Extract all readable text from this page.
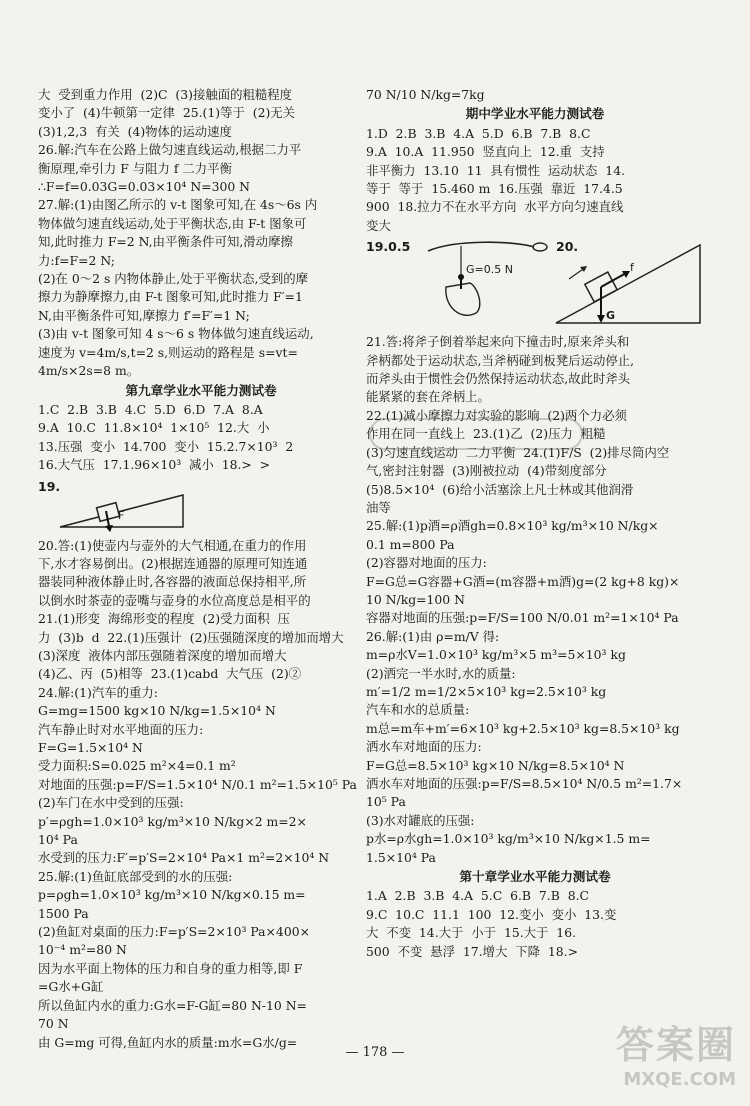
大  受到重力作用  (2)C  (3)接触面的粗糙程度

变小了  (4)牛顿第一定律  25.(1)等于  (2)无关

(3)1,2,3  有关  (4)物体的运动速度

26.解:汽车在公路上做匀速直线运动,根据二力平

衡原理,牵引力 F 与阻力 f 二力平衡

∴F=f=0.03G=0.03×10⁴ N=300 N

27.解:(1)由图乙所示的 v-t 图象可知,在 4s～6s 内

物体做匀速直线运动,处于平衡状态,由 F-t 图象可

知,此时推力 F=2 N,由平衡条件可知,滑动摩擦

力:f=F=2 N;

(2)在 0～2 s 内物体静止,处于平衡状态,受到的摩

擦力为静摩擦力,由 F-t 图象可知,此时推力 F′=1

N,由平衡条件可知,摩擦力 f′=F′=1 N;

(3)由 v-t 图象可知 4 s～6 s 物体做匀速直线运动,

速度为 v=4m/s,t=2 s,则运动的路程是 s=vt=

4m/s×2s=8 m。

第九章学业水平能力测试卷

1.C  2.B  3.B  4.C  5.D  6.D  7.A  8.A

9.A  10.C  11.8×10⁴  1×10⁵  12.大  小

13.压强  变小  14.700  变小  15.2.7×10³  2

16.大气压  17.1.96×10³  减小  18.>  >

19.
F

20.答:(1)使壶内与壶外的大气相通,在重力的作用

下,水才容易倒出。(2)根据连通器的原理可知连通

器装同种液体静止时,各容器的液面总保持相平,所

以倒水时茶壶的壶嘴与壶身的水位高度总是相平的

21.(1)形变  海绵形变的程度  (2)受力面积  压

力  (3)b  d  22.(1)压强计  (2)压强随深度的增加而增大

(3)深度  液体内部压强随着深度的增加而增大

(4)乙、丙  (5)相等  23.(1)cabd  大气压  (2)②

24.解:(1)汽车的重力:

G=mg=1500 kg×10 N/kg=1.5×10⁴ N

汽车静止时对水平地面的压力:

F=G=1.5×10⁴ N

受力面积:S=0.025 m²×4=0.1 m²

对地面的压强:p=F/S=1.5×10⁴ N/0.1 m²=1.5×10⁵ Pa

(2)车门在水中受到的压强:

p′=ρgh=1.0×10³ kg/m³×10 N/kg×2 m=2×

10⁴ Pa

水受到的压力:F′=p′S=2×10⁴ Pa×1 m²=2×10⁴ N

25.解:(1)鱼缸底部受到的水的压强:

p=ρgh=1.0×10³ kg/m³×10 N/kg×0.15 m=

1500 Pa

(2)鱼缸对桌面的压力:F=p′S=2×10³ Pa×400×

10⁻⁴ m²=80 N

因为水平面上物体的压力和自身的重力相等,即 F

=G水+G缸

所以鱼缸内水的重力:G水=F-G缸=80 N-10 N=

70 N

由 G=mg 可得,鱼缸内水的质量:m水=G水/g=

70 N/10 N/kg=7kg

期中学业水平能力测试卷

1.D  2.B  3.B  4.A  5.D  6.B  7.B  8.C

9.A  10.A  11.950  竖直向上  12.重  支持

非平衡力  13.10  11  具有惯性  运动状态  14.

等于  等于  15.460 m  16.压强  靠近  17.4.5

900  18.拉力不在水平方向  水平方向匀速直线

变大

19.0.5
G=0.5 N
20.
f
G

21.答:将斧子倒着举起来向下撞击时,原来斧头和

斧柄都处于运动状态,当斧柄碰到板凳后运动停止,

而斧头由于惯性会仍然保持运动状态,故此时斧头

能紧紧的套在斧柄上。

22.(1)减小摩擦力对实验的影响  (2)两个力必须

作用在同一直线上  23.(1)乙  (2)压力  粗糙

(3)匀速直线运动  二力平衡  24.(1)F/S  (2)排尽筒内空

气,密封注射器  (3)刚被拉动  (4)带刻度部分

(5)8.5×10⁴  (6)给小活塞涂上凡士林或其他润滑

油等

25.解:(1)p酒=ρ酒gh=0.8×10³ kg/m³×10 N/kg×

0.1 m=800 Pa

(2)容器对地面的压力:

F=G总=G容器+G酒=(m容器+m酒)g=(2 kg+8 kg)×

10 N/kg=100 N

容器对地面的压强:p=F/S=100 N/0.01 m²=1×10⁴ Pa

26.解:(1)由 ρ=m/V 得:

m=ρ水V=1.0×10³ kg/m³×5 m³=5×10³ kg

(2)洒完一半水时,水的质量:

m′=1/2 m=1/2×5×10³ kg=2.5×10³ kg

汽车和水的总质量:

m总=m车+m′=6×10³ kg+2.5×10³ kg=8.5×10³ kg

洒水车对地面的压力:

F=G总=8.5×10³ kg×10 N/kg=8.5×10⁴ N

洒水车对地面的压强:p=F/S=8.5×10⁴ N/0.5 m²=1.7×

10⁵ Pa

(3)水对罐底的压强:

p水=ρ水gh=1.0×10³ kg/m³×10 N/kg×1.5 m=

1.5×10⁴ Pa

第十章学业水平能力测试卷

1.A  2.B  3.B  4.A  5.C  6.B  7.B  8.C

9.C  10.C  11.1  100  12.变小  变小  13.变

大  不变  14.大于  小于  15.大于  16.

500  不变  悬浮  17.增大  下降  18.>

— 178 —	答案圈
MXQE.COM
